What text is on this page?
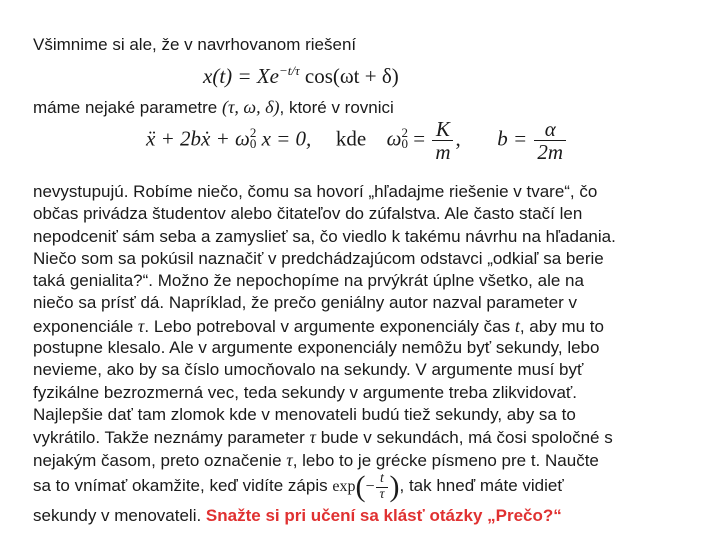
Všimnime si ale, že v navrhovanom riešení
$x(t) = Xe^{-t/\tau}$ cos(ωt + δ)
máme nejaké parametre (τ, ω, δ), ktoré v rovnici
ẍ + 2bẋ + ω 2
0 x = 0, kde ω 2
$0 = \frac{K}{m}$ , $b = \frac{\alpha}{2m}$
nevystupujú. Robíme niečo, čomu sa hovorí „hľadajme riešenie v tvare“, čo
občas privádza študentov alebo čitateľov do zúfalstva. Ale často stačí len
nepodceniť sám seba a zamyslieť sa, čo viedlo k takému návrhu na hľadania.
Niečo som sa pokúsil naznačiť v predchádzajúcom odstavci „odkiaľ sa berie
taká genialita?“. Možno že nepochopíme na prvýkrát úplne všetko, ale na
niečo sa prísť dá. Napríklad, že prečo geniálny autor nazval parameter v
exponenciále τ. Lebo potreboval v argumente exponenciály čas t, aby mu to
postupne klesalo. Ale v argumente exponenciály nemôžu byť sekundy, lebo
nevieme, ako by sa číslo umocňovalo na sekundy. V argumente musí byť
fyzikálne bezrozmerná vec, teda sekundy v argumente treba zlikvidovať.
Najlepšie dať tam zlomok kde v menovateli budú tiež sekundy, aby sa to
vykrátilo. Takže neznámy parameter τ bude v sekundách, má čosi spoločné s
nejakým časom, preto označenie τ, lebo to je grécke písmeno pre t. Naučte
sa to vnímať okamžite, keď vidíte zápis $\exp(- \frac{t}{\tau}$ ), tak hneď máte vidieť
sekundy v menovateli. Snažte si pri učení sa klásť otázky „Prečo?“
